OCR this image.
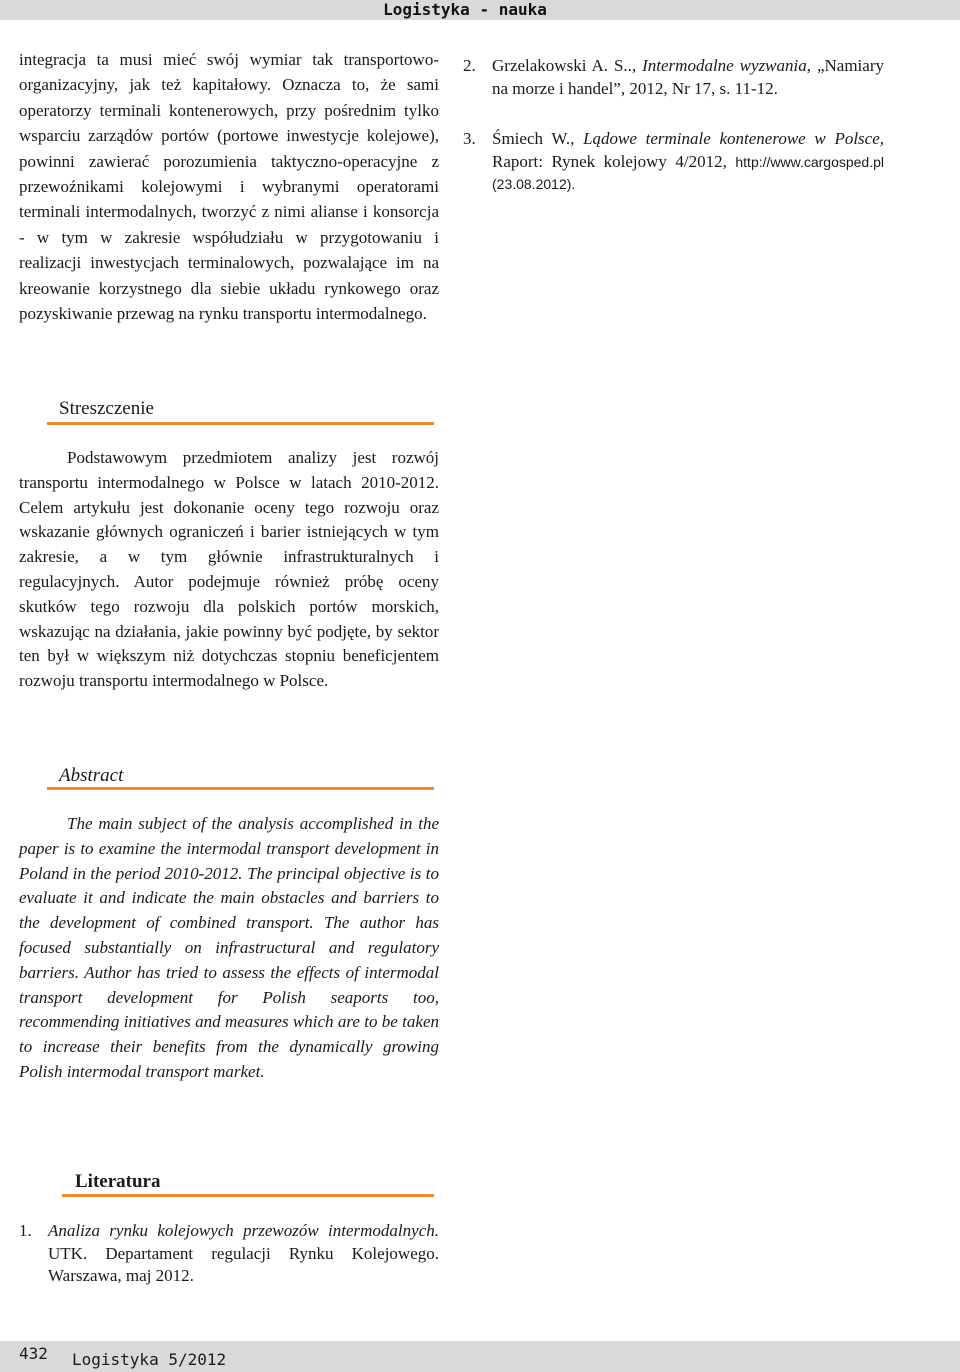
Logistyka - nauka

integracja ta musi mieć swój wymiar tak transportowo-organizacyjny, jak też kapitałowy. Oznacza to, że sami operatorzy terminali kontenerowych, przy pośrednim tylko wsparciu zarządów portów (portowe inwestycje kolejowe), powinni zawierać porozumienia taktyczno-operacyjne z przewoźnikami kolejowymi i wybranymi operatorami terminali intermodalnych, tworzyć z nimi alianse i konsorcja - w tym w zakresie współudziału w przygotowaniu i realizacji inwestycjach terminalowych, pozwalające im na kreowanie korzystnego dla siebie układu rynkowego oraz pozyskiwanie przewag na rynku transportu intermodalnego.

Streszczenie

Podstawowym przedmiotem analizy jest rozwój transportu intermodalnego w Polsce w latach 2010-2012. Celem artykułu jest dokonanie oceny tego rozwoju oraz wskazanie głównych ograniczeń i barier istniejących w tym zakresie, a w tym głównie infrastrukturalnych i regulacyjnych. Autor podejmuje również próbę oceny skutków tego rozwoju dla polskich portów morskich, wskazując na działania, jakie powinny być podjęte, by sektor ten był w większym niż dotychczas stopniu beneficjentem rozwoju transportu intermodalnego w Polsce.

Abstract

The main subject of the analysis accomplished in the paper is to examine the intermodal transport development in Poland in the period 2010-2012. The principal objective is to evaluate it and indicate the main obstacles and barriers to the development of combined transport. The author has focused substantially on infrastructural and regulatory barriers. Author has tried to assess the effects of intermodal transport development for Polish seaports too, recommending initiatives and measures which are to be taken to increase their benefits from the dynamically growing Polish intermodal transport market.

Literatura
1. Analiza rynku kolejowych przewozów intermodalnych. UTK. Departament regulacji Rynku Kolejowego. Warszawa, maj 2012.
2. Grzelakowski A. S.., Intermodalne wyzwania, „Namiary na morze i handel”, 2012, Nr 17, s. 11-12.
3. Śmiech W., Lądowe terminale kontenerowe w Polsce, Raport: Rynek kolejowy 4/2012, http://www.cargosped.pl (23.08.2012).
432 Logistyka 5/2012
